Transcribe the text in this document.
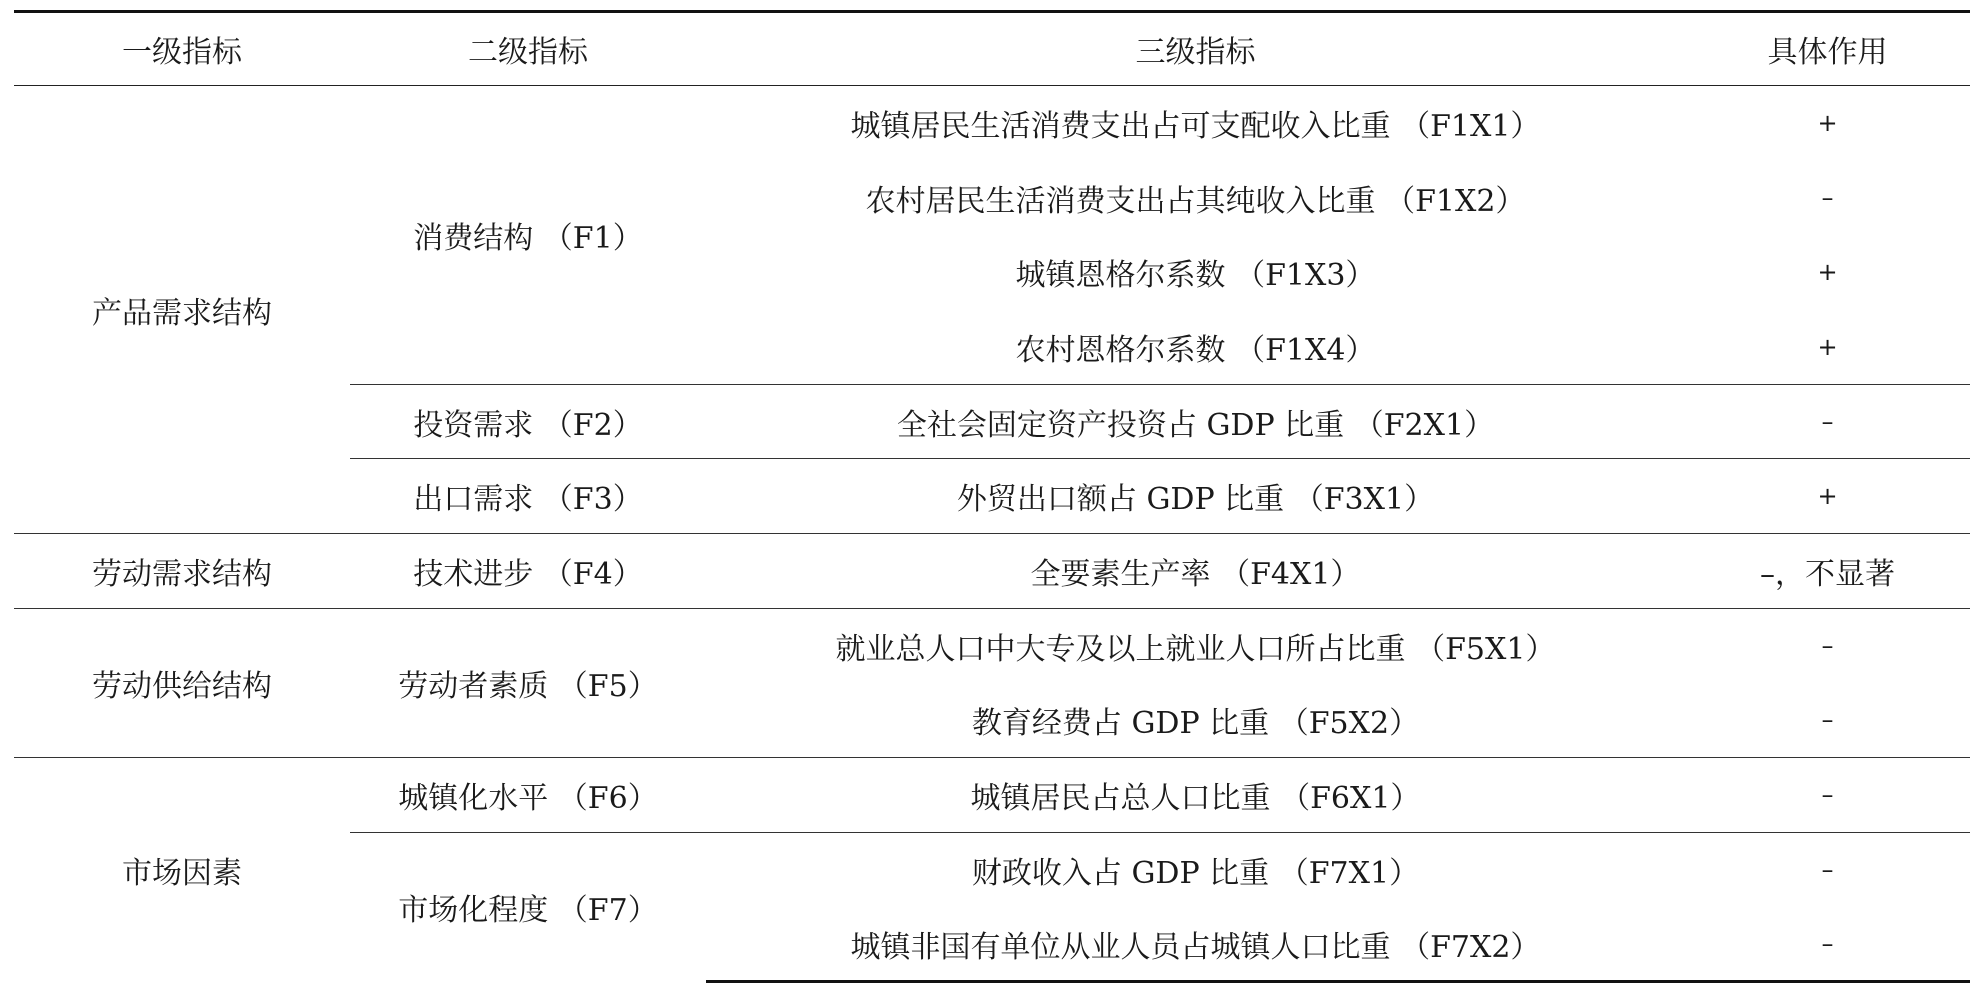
一级指标	二级指标	三级指标	具体作用
产品需求结构	消费结构 （F1）	城镇居民生活消费支出占可支配收入比重 （F1X1）	+
		农村居民生活消费支出占其纯收入比重 （F1X2）	–
		城镇恩格尔系数 （F1X3）	+
		农村恩格尔系数 （F1X4）	+
	投资需求 （F2）	全社会固定资产投资占 GDP 比重 （F2X1）	–
	出口需求 （F3）	外贸出口额占 GDP 比重 （F3X1）	+
劳动需求结构	技术进步 （F4）	全要素生产率 （F4X1）	–，不显著
劳动供给结构	劳动者素质 （F5）	就业总人口中大专及以上就业人口所占比重 （F5X1）	–
		教育经费占 GDP 比重 （F5X2）	–
市场因素	城镇化水平 （F6）	城镇居民占总人口比重 （F6X1）	–
	市场化程度 （F7）	财政收入占 GDP 比重 （F7X1）	–
		城镇非国有单位从业人员占城镇人口比重 （F7X2）	–
